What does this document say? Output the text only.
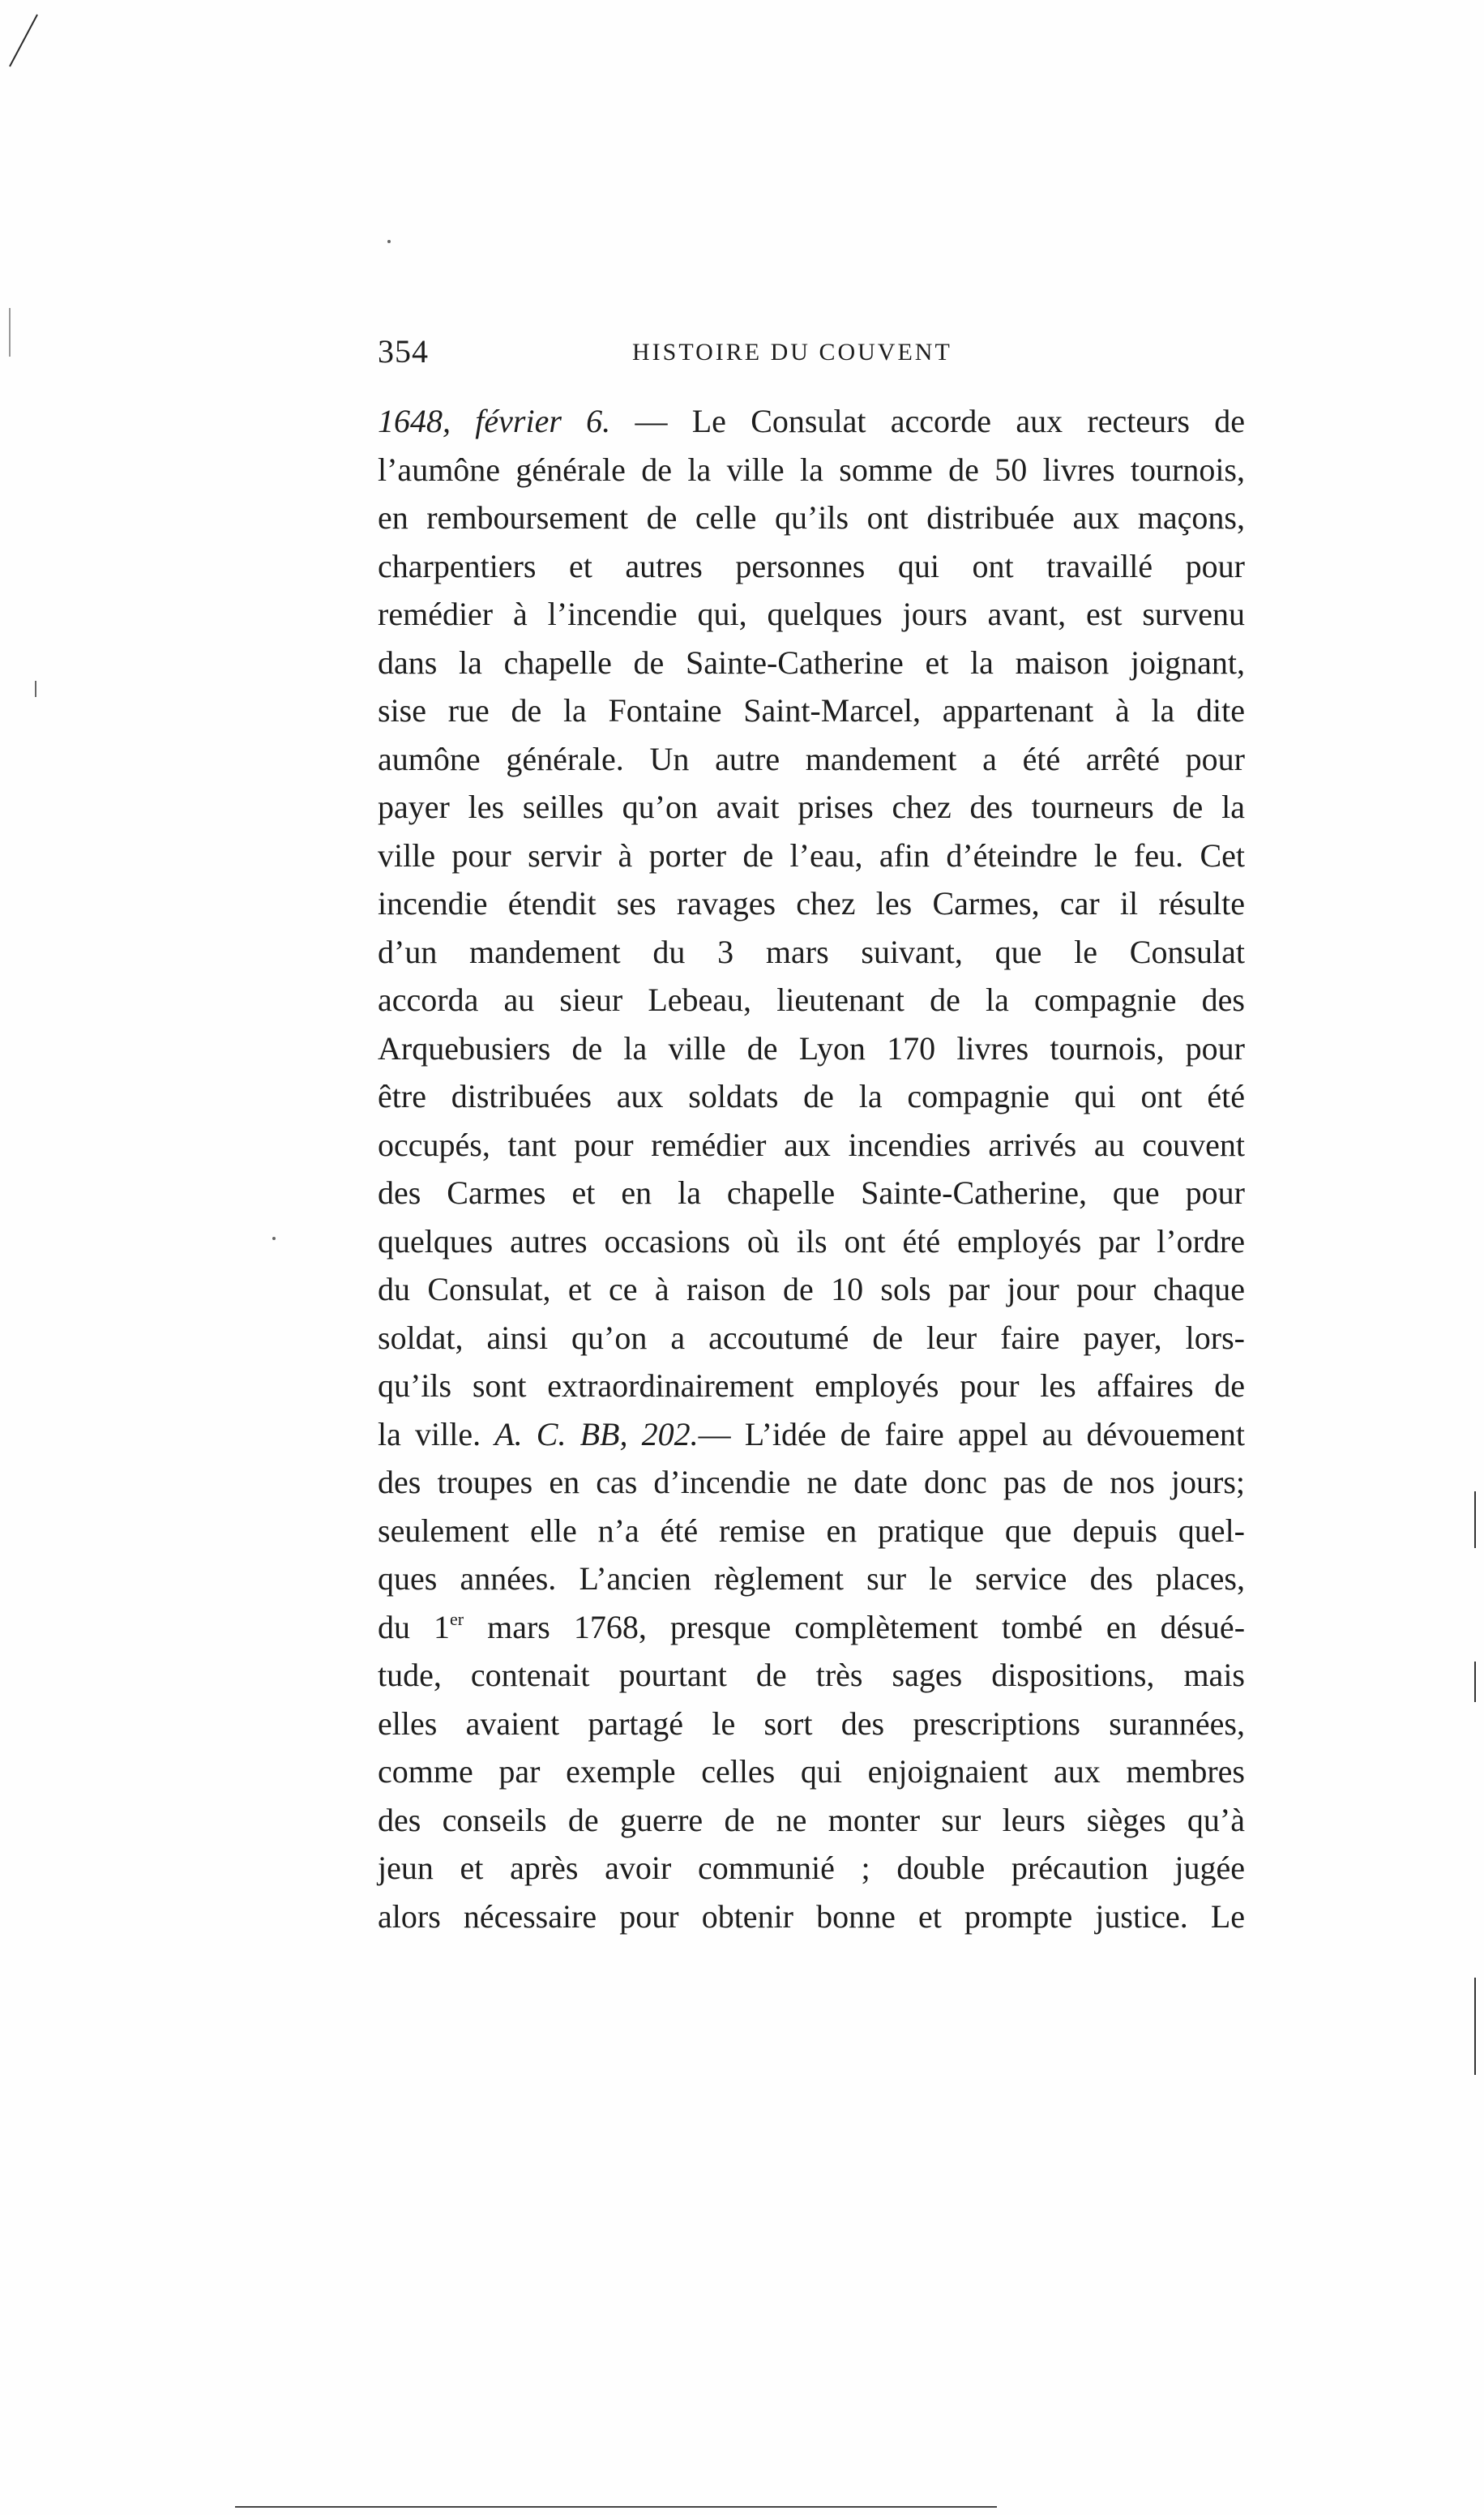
354	HISTOIRE DU COUVENT
1648, février 6. — Le Consulat accorde aux recteurs de
l’aumône générale de la ville la somme de 50 livres tournois,
en remboursement de celle qu’ils ont distribuée aux maçons,
charpentiers et autres personnes qui ont travaillé pour
remédier à l’incendie qui, quelques jours avant, est survenu
dans la chapelle de Sainte-Catherine et la maison joignant,
sise rue de la Fontaine Saint-Marcel, appartenant à la dite
aumône générale. Un autre mandement a été arrêté pour
payer les seilles qu’on avait prises chez des tourneurs de la
ville pour servir à porter de l’eau, afin d’éteindre le feu. Cet
incendie étendit ses ravages chez les Carmes, car il résulte
d’un mandement du 3 mars suivant, que le Consulat
accorda au sieur Lebeau, lieutenant de la compagnie des
Arquebusiers de la ville de Lyon 170 livres tournois, pour
être distribuées aux soldats de la compagnie qui ont été
occupés, tant pour remédier aux incendies arrivés au couvent
des Carmes et en la chapelle Sainte-Catherine, que pour
quelques autres occasions où ils ont été employés par l’ordre
du Consulat, et ce à raison de 10 sols par jour pour chaque
soldat, ainsi qu’on a accoutumé de leur faire payer, lors-
qu’ils sont extraordinairement employés pour les affaires de
la ville. A. C. BB, 202.— L’idée de faire appel au dévouement
des troupes en cas d’incendie ne date donc pas de nos jours;
seulement elle n’a été remise en pratique que depuis quel-
ques années. L’ancien règlement sur le service des places,
du 1er mars 1768, presque complètement tombé en désué-
tude, contenait pourtant de très sages dispositions, mais
elles avaient partagé le sort des prescriptions surannées,
comme par exemple celles qui enjoignaient aux membres
des conseils de guerre de ne monter sur leurs sièges qu’à
jeun et après avoir communié ; double précaution jugée
alors nécessaire pour obtenir bonne et prompte justice. Le
